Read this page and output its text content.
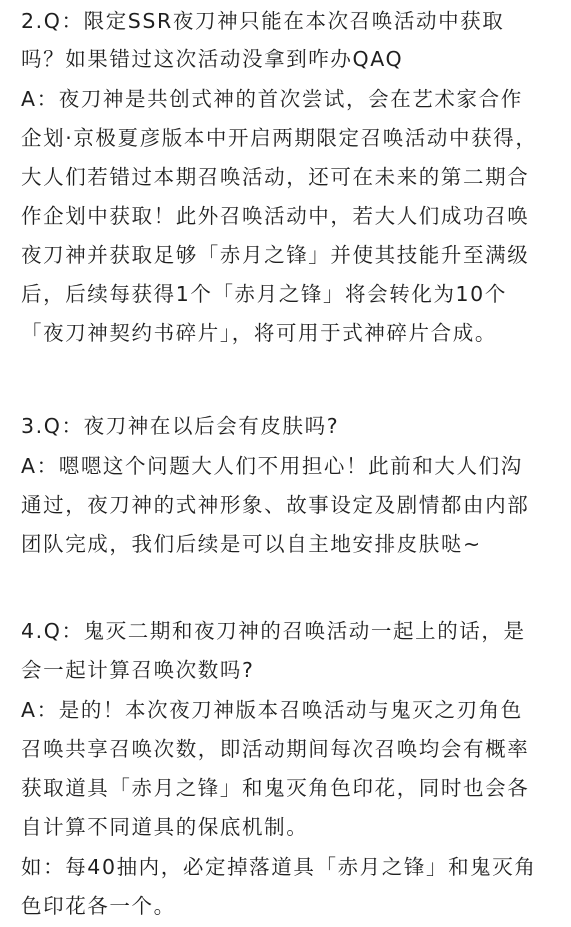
2.Q：限定SSR夜刀神只能在本次召唤活动中获取
吗？如果错过这次活动没拿到咋办QAQ
A：夜刀神是共创式神的首次尝试，会在艺术家合作
企划·京极夏彦版本中开启两期限定召唤活动中获得，
大人们若错过本期召唤活动，还可在未来的第二期合
作企划中获取！此外召唤活动中，若大人们成功召唤
夜刀神并获取足够「赤月之锋」并使其技能升至满级
后，后续每获得1个「赤月之锋」将会转化为10个
「夜刀神契约书碎片」，将可用于式神碎片合成。
3.Q：夜刀神在以后会有皮肤吗?
A：嗯嗯这个问题大人们不用担心！此前和大人们沟
通过，夜刀神的式神形象、故事设定及剧情都由内部
团队完成，我们后续是可以自主地安排皮肤哒~
4.Q：鬼灭二期和夜刀神的召唤活动一起上的话，是
会一起计算召唤次数吗?
A：是的！本次夜刀神版本召唤活动与鬼灭之刃角色
召唤共享召唤次数，即活动期间每次召唤均会有概率
获取道具「赤月之锋」和鬼灭角色印花，同时也会各
自计算不同道具的保底机制。
如：每40抽内，必定掉落道具「赤月之锋」和鬼灭角
色印花各一个。
